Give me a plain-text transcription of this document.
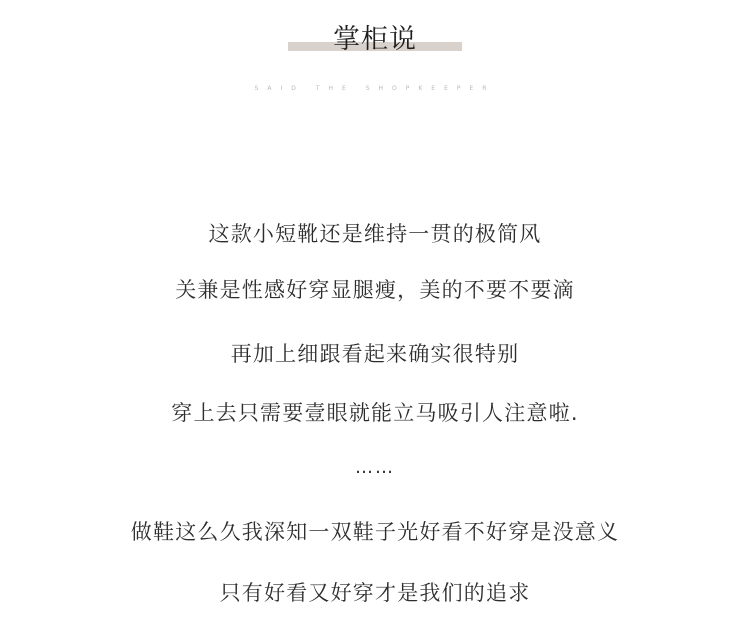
掌柜说
SAID THE SHOPKEEPER
这款小短靴还是维持一贯的极简风
关兼是性感好穿显腿瘦，美的不要不要滴
再加上细跟看起来确实很特别
穿上去只需要壹眼就能立马吸引人注意啦.
……
做鞋这么久我深知一双鞋子光好看不好穿是没意义
只有好看又好穿才是我们的追求
